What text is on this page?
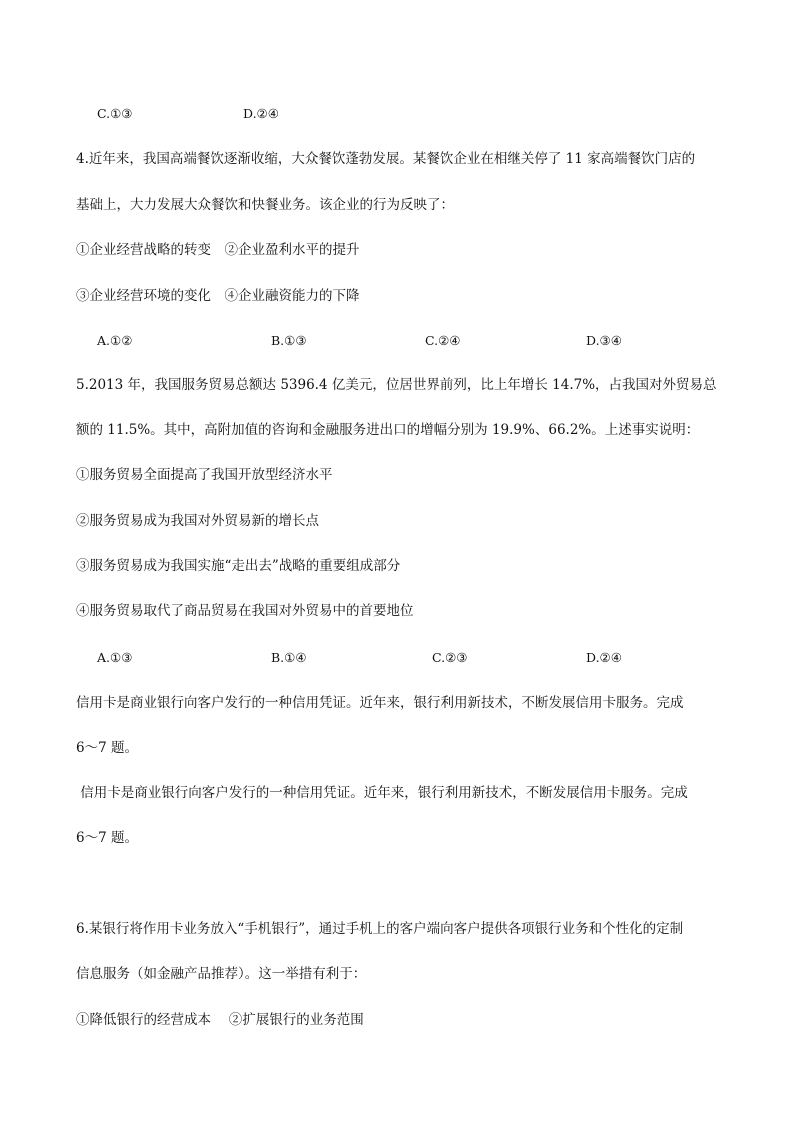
C.①③	D.②④
4.近年来，我国高端餐饮逐渐收缩，大众餐饮蓬勃发展。某餐饮企业在相继关停了 11 家高端餐饮门店的
基础上，大力发展大众餐饮和快餐业务。该企业的行为反映了：
①企业经营战略的转变　②企业盈利水平的提升
③企业经营环境的变化　④企业融资能力的下降
A.①②	B.①③	C.②④	D.③④
5.2013 年，我国服务贸易总额达 5396.4 亿美元，位居世界前列，比上年增长 14.7%，占我国对外贸易总
额的 11.5%。其中，高附加值的咨询和金融服务进出口的增幅分别为 19.9%、66.2%。上述事实说明：
①服务贸易全面提高了我国开放型经济水平
②服务贸易成为我国对外贸易新的增长点
③服务贸易成为我国实施“走出去”战略的重要组成部分
④服务贸易取代了商品贸易在我国对外贸易中的首要地位
A.①③	B.①④	C.②③	D.②④
信用卡是商业银行向客户发行的一种信用凭证。近年来，银行利用新技术，不断发展信用卡服务。完成
6～7 题。
信用卡是商业银行向客户发行的一种信用凭证。近年来，银行利用新技术，不断发展信用卡服务。完成
6～7 题。
6.某银行将作用卡业务放入“手机银行”，通过手机上的客户端向客户提供各项银行业务和个性化的定制
信息服务（如金融产品推荐）。这一举措有利于：
①降低银行的经营成本　 ②扩展银行的业务范围
